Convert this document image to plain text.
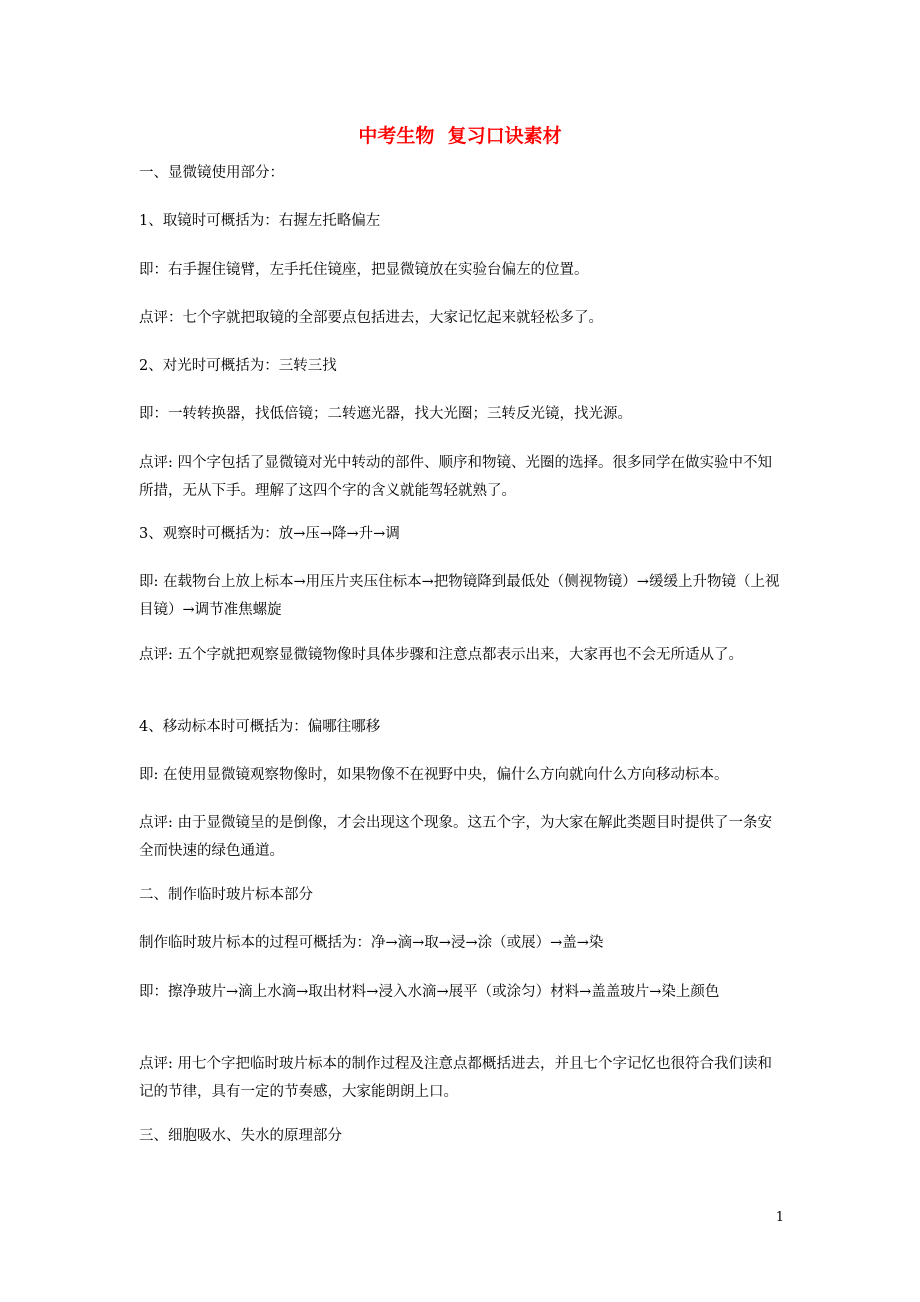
中考生物  复习口诀素材

一、显微镜使用部分：

1、取镜时可概括为：右握左托略偏左

即：右手握住镜臂，左手托住镜座，把显微镜放在实验台偏左的位置。

点评：七个字就把取镜的全部要点包括进去，大家记忆起来就轻松多了。

2、对光时可概括为：三转三找

即：一转转换器，找低倍镜；二转遮光器，找大光圈；三转反光镜，找光源。

点评: 四个字包括了显微镜对光中转动的部件、顺序和物镜、光圈的选择。很多同学在做实验中不知所措，无从下手。理解了这四个字的含义就能驾轻就熟了。

3、观察时可概括为：放→压→降→升→调

即: 在载物台上放上标本→用压片夹压住标本→把物镜降到最低处（侧视物镜）→缓缓上升物镜（上视目镜）→调节准焦螺旋

点评: 五个字就把观察显微镜物像时具体步骤和注意点都表示出来，大家再也不会无所适从了。

4、移动标本时可概括为：偏哪往哪移

即: 在使用显微镜观察物像时，如果物像不在视野中央，偏什么方向就向什么方向移动标本。

点评: 由于显微镜呈的是倒像，才会出现这个现象。这五个字，为大家在解此类题目时提供了一条安全而快速的绿色通道。

二、制作临时玻片标本部分

制作临时玻片标本的过程可概括为：净→滴→取→浸→涂（或展）→盖→染

即：擦净玻片→滴上水滴→取出材料→浸入水滴→展平（或涂匀）材料→盖盖玻片→染上颜色

点评: 用七个字把临时玻片标本的制作过程及注意点都概括进去，并且七个字记忆也很符合我们读和记的节律，具有一定的节奏感，大家能朗朗上口。

三、细胞吸水、失水的原理部分

1
